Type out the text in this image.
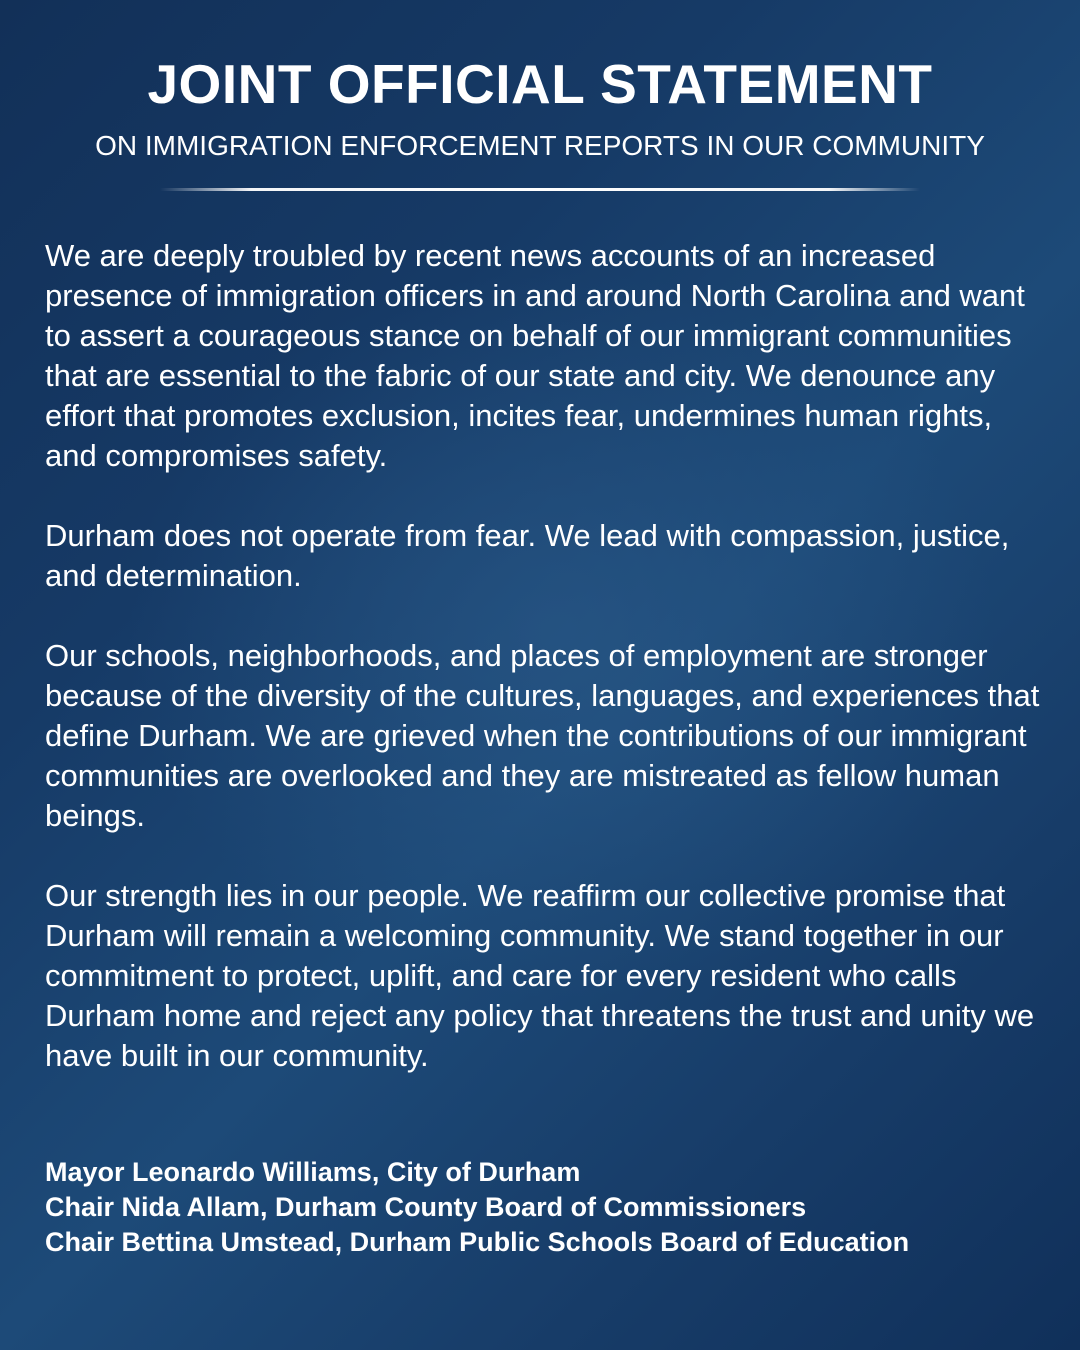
JOINT OFFICIAL STATEMENT

ON IMMIGRATION ENFORCEMENT REPORTS IN OUR COMMUNITY

We are deeply troubled by recent news accounts of an increased presence of immigration officers in and around North Carolina and want to assert a courageous stance on behalf of our immigrant communities that are essential to the fabric of our state and city. We denounce any effort that promotes exclusion, incites fear, undermines human rights, and compromises safety.

Durham does not operate from fear. We lead with compassion, justice, and determination.

Our schools, neighborhoods, and places of employment are stronger because of the diversity of the cultures, languages, and experiences that define Durham. We are grieved when the contributions of our immigrant communities are overlooked and they are mistreated as fellow human beings.

Our strength lies in our people. We reaffirm our collective promise that Durham will remain a welcoming community. We stand together in our commitment to protect, uplift, and care for every resident who calls Durham home and reject any policy that threatens the trust and unity we have built in our community.

Mayor Leonardo Williams, City of Durham

Chair Nida Allam, Durham County Board of Commissioners

Chair Bettina Umstead, Durham Public Schools Board of Education
